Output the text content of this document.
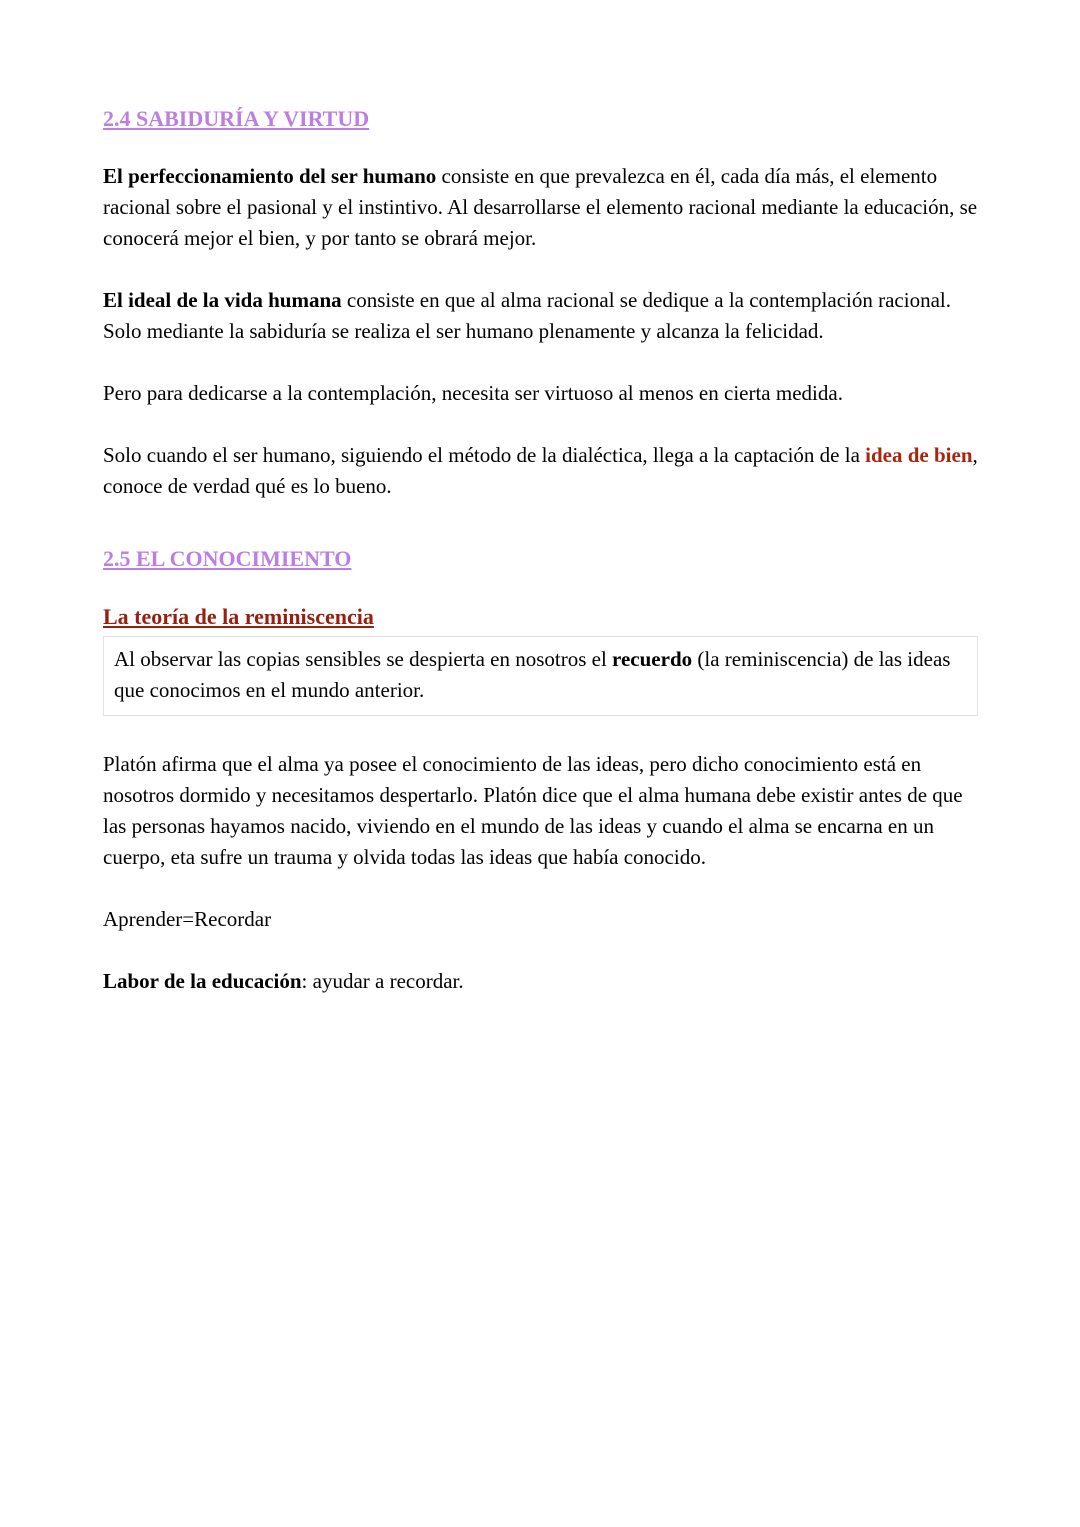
2.4 SABIDURÍA Y VIRTUD

El perfeccionamiento del ser humano consiste en que prevalezca en él, cada día más, el elemento racional sobre el pasional y el instintivo. Al desarrollarse el elemento racional mediante la educación, se conocerá mejor el bien, y por tanto se obrará mejor.

El ideal de la vida humana consiste en que al alma racional se dedique a la contemplación racional. Solo mediante la sabiduría se realiza el ser humano plenamente y alcanza la felicidad.

Pero para dedicarse a la contemplación, necesita ser virtuoso al menos en cierta medida.

Solo cuando el ser humano, siguiendo el método de la dialéctica, llega a la captación de la idea de bien, conoce de verdad qué es lo bueno.

2.5 EL CONOCIMIENTO
La teoría de la reminiscencia

Al observar las copias sensibles se despierta en nosotros el recuerdo (la reminiscencia) de las ideas que conocimos en el mundo anterior.

Platón afirma que el alma ya posee el conocimiento de las ideas, pero dicho conocimiento está en nosotros dormido y necesitamos despertarlo. Platón dice que el alma humana debe existir antes de que las personas hayamos nacido, viviendo en el mundo de las ideas y cuando el alma se encarna en un cuerpo, eta sufre un trauma y olvida todas las ideas que había conocido.

Aprender=Recordar

Labor de la educación: ayudar a recordar.
